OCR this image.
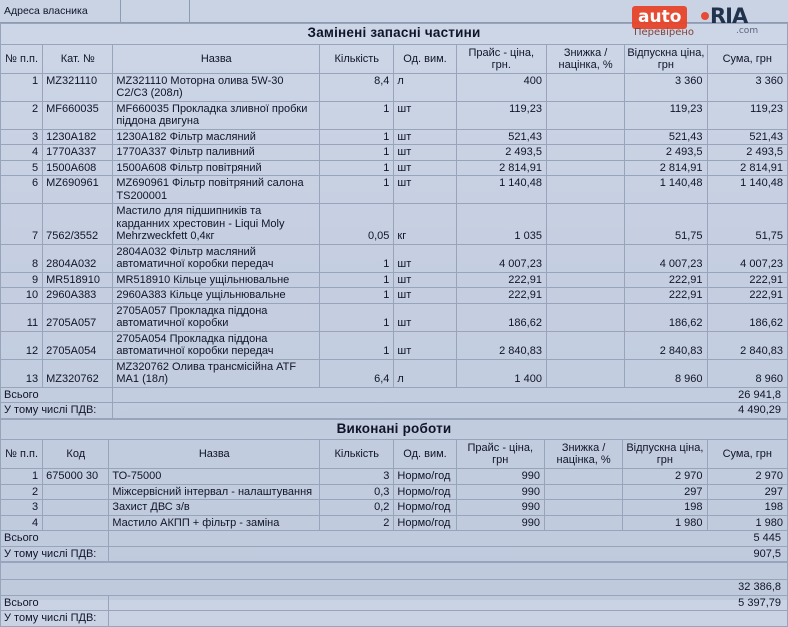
Адреса власника
Замінені запасні частини								
№ п.п.	Кат. №	Назва	Кількість	Од. вим.	Прайс - ціна, грн.	Знижка / націнка, %	Відпускна ціна, грн	Сума, грн
1	MZ321110	MZ321110 Моторна олива 5W-30 C2/C3 (208л)	8,4	л	400		3 360	3 360
2	MF660035	MF660035 Прокладка зливної пробки піддона двигуна	1	шт	119,23		119,23	119,23
3	1230A182	1230A182 Фільтр масляний	1	шт	521,43		521,43	521,43
4	1770A337	1770A337 Фільтр паливний	1	шт	2 493,5		2 493,5	2 493,5
5	1500A608	1500A608 Фільтр повітряний	1	шт	2 814,91		2 814,91	2 814,91
6	MZ690961	MZ690961 Фільтр повітряний салона TS200001	1	шт	1 140,48		1 140,48	1 140,48
7	7562/3552	Мастило для підшипників та карданних хрестовин - Liqui Moly Mehrzweckfett 0,4кг	0,05	кг	1 035		51,75	51,75
8	2804A032	2804A032 Фільтр масляний автоматичної коробки передач	1	шт	4 007,23		4 007,23	4 007,23
9	MR518910	MR518910 Кільце ущільнювальне	1	шт	222,91		222,91	222,91
10	2960A383	2960A383 Кільце ущільнювальне	1	шт	222,91		222,91	222,91
11	2705A057	2705A057 Прокладка піддона автоматичної коробки	1	шт	186,62		186,62	186,62
12	2705A054	2705A054 Прокладка піддона автоматичної коробки передач	1	шт	2 840,83		2 840,83	2 840,83
13	MZ320762	MZ320762 Олива трансмісійна ATF MA1 (18л)	6,4	л	1 400		8 960	8 960
Всього		26 941,8						
У тому числі ПДВ:		4 490,29						
Виконані роботи								
№ п.п.	Код	Назва	Кількість	Од. вим.	Прайс - ціна, грн	Знижка / націнка, %	Відпускна ціна, грн	Сума, грн
1	675000 30	ТО-75000	3	Нормо/год	990		2 970	2 970
2		Міжсервісний інтервал - налаштування	0,3	Нормо/год	990		297	297
3		Захист ДВС з/в	0,2	Нормо/год	990		198	198
4		Мастило АКПП + фільтр - заміна	2	Нормо/год	990		1 980	1 980
Всього		5 445						
У тому числі ПДВ:		907,5						

32 386,8	
Всього	5 397,79
У тому числі ПДВ:	
auto	RIA
Перевірено	.com
